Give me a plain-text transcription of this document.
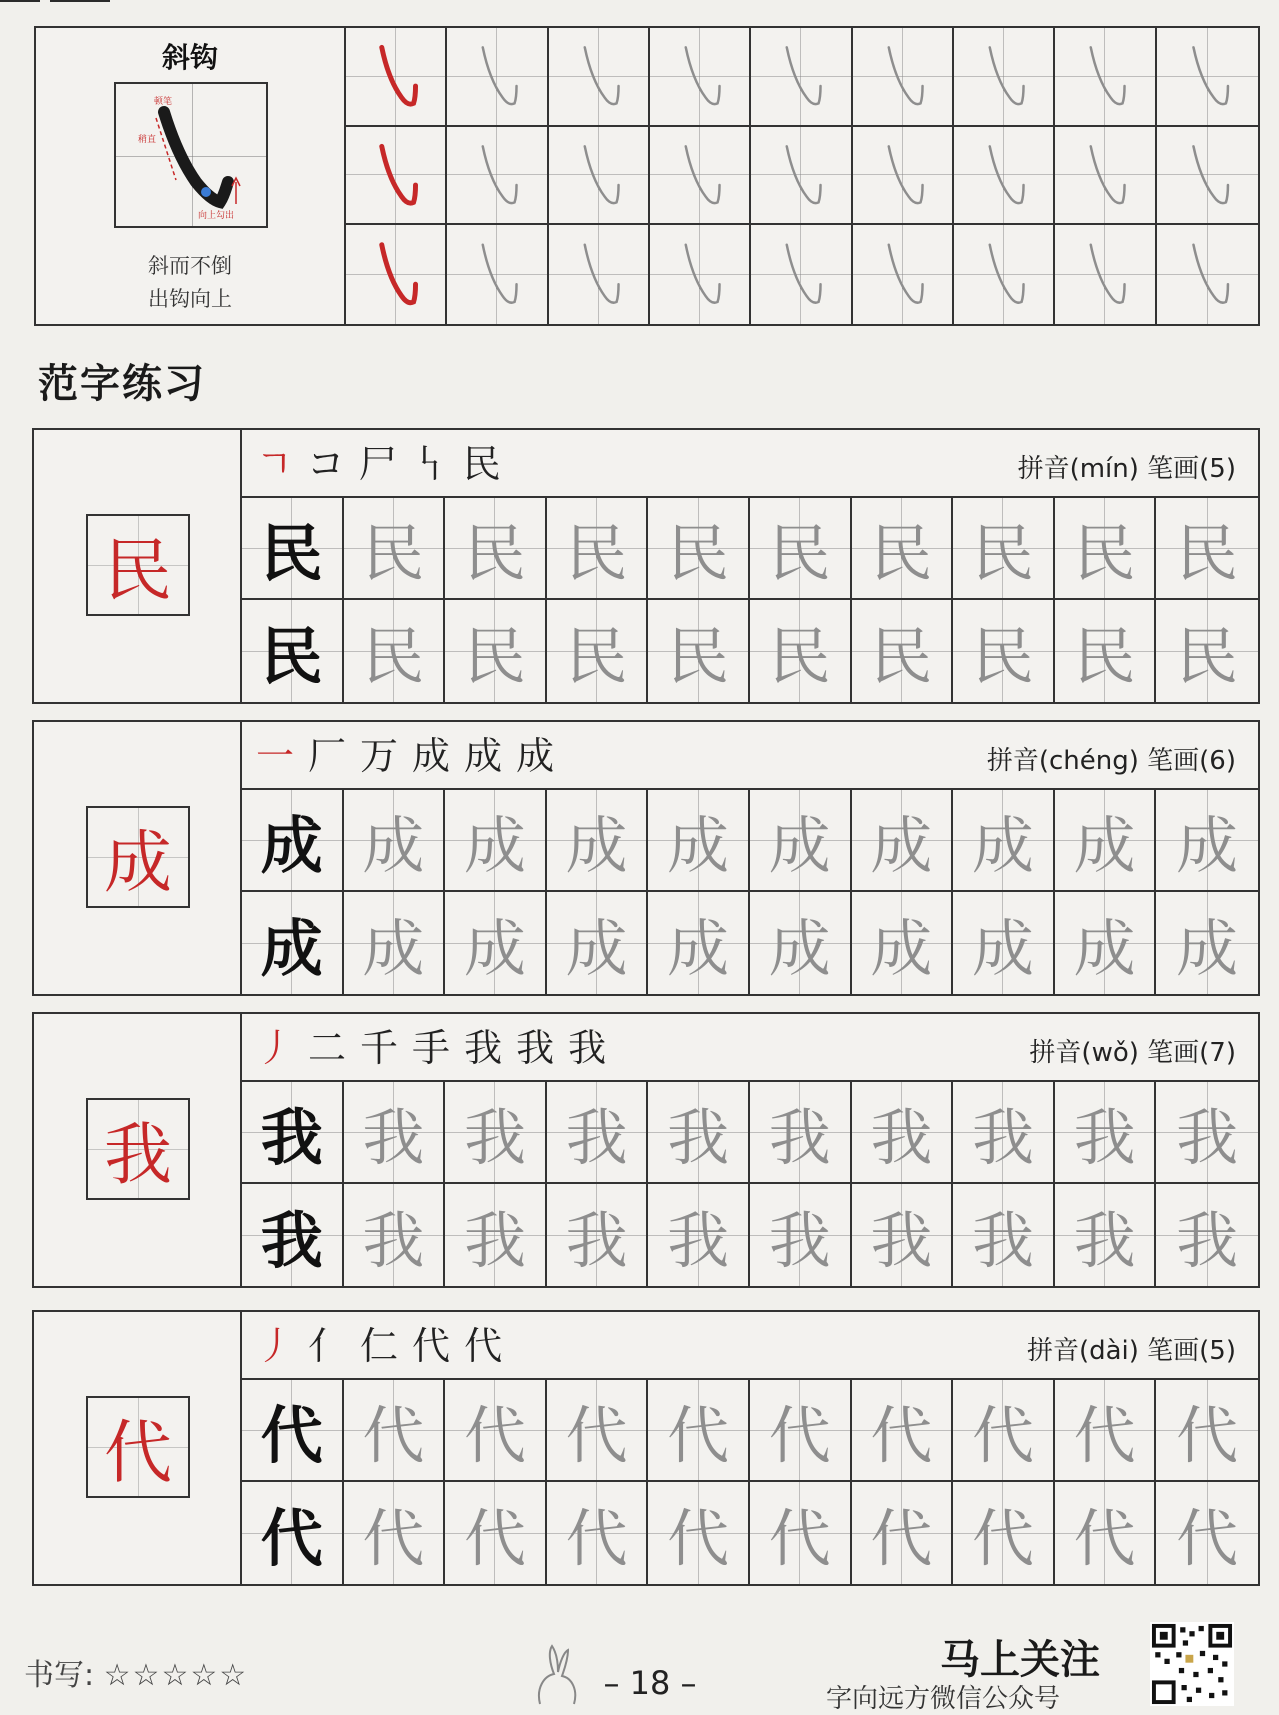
斜钩
顿笔
稍直
向上勾出
斜而不倒
出钩向上
范字练习
民
ㄱ コ 尸 𠃑 民	拼音(mín) 笔画(5)
民 民 民 民 民 民 民 民 民 民
民 民 民 民 民 民 民 民 民 民
成
一 厂 万 成 成 成	拼音(chéng) 笔画(6)
成 成 成 成 成 成 成 成 成 成
成 成 成 成 成 成 成 成 成 成
我
丿 二 千 手 我 我 我	拼音(wǒ) 笔画(7)
我 我 我 我 我 我 我 我 我 我
我 我 我 我 我 我 我 我 我 我
代
丿 亻 仁 代 代	拼音(dài) 笔画(5)
代 代 代 代 代 代 代 代 代 代
代 代 代 代 代 代 代 代 代 代
书写: ☆☆☆☆☆	– 18 –	马上关注
字向远方微信公众号
